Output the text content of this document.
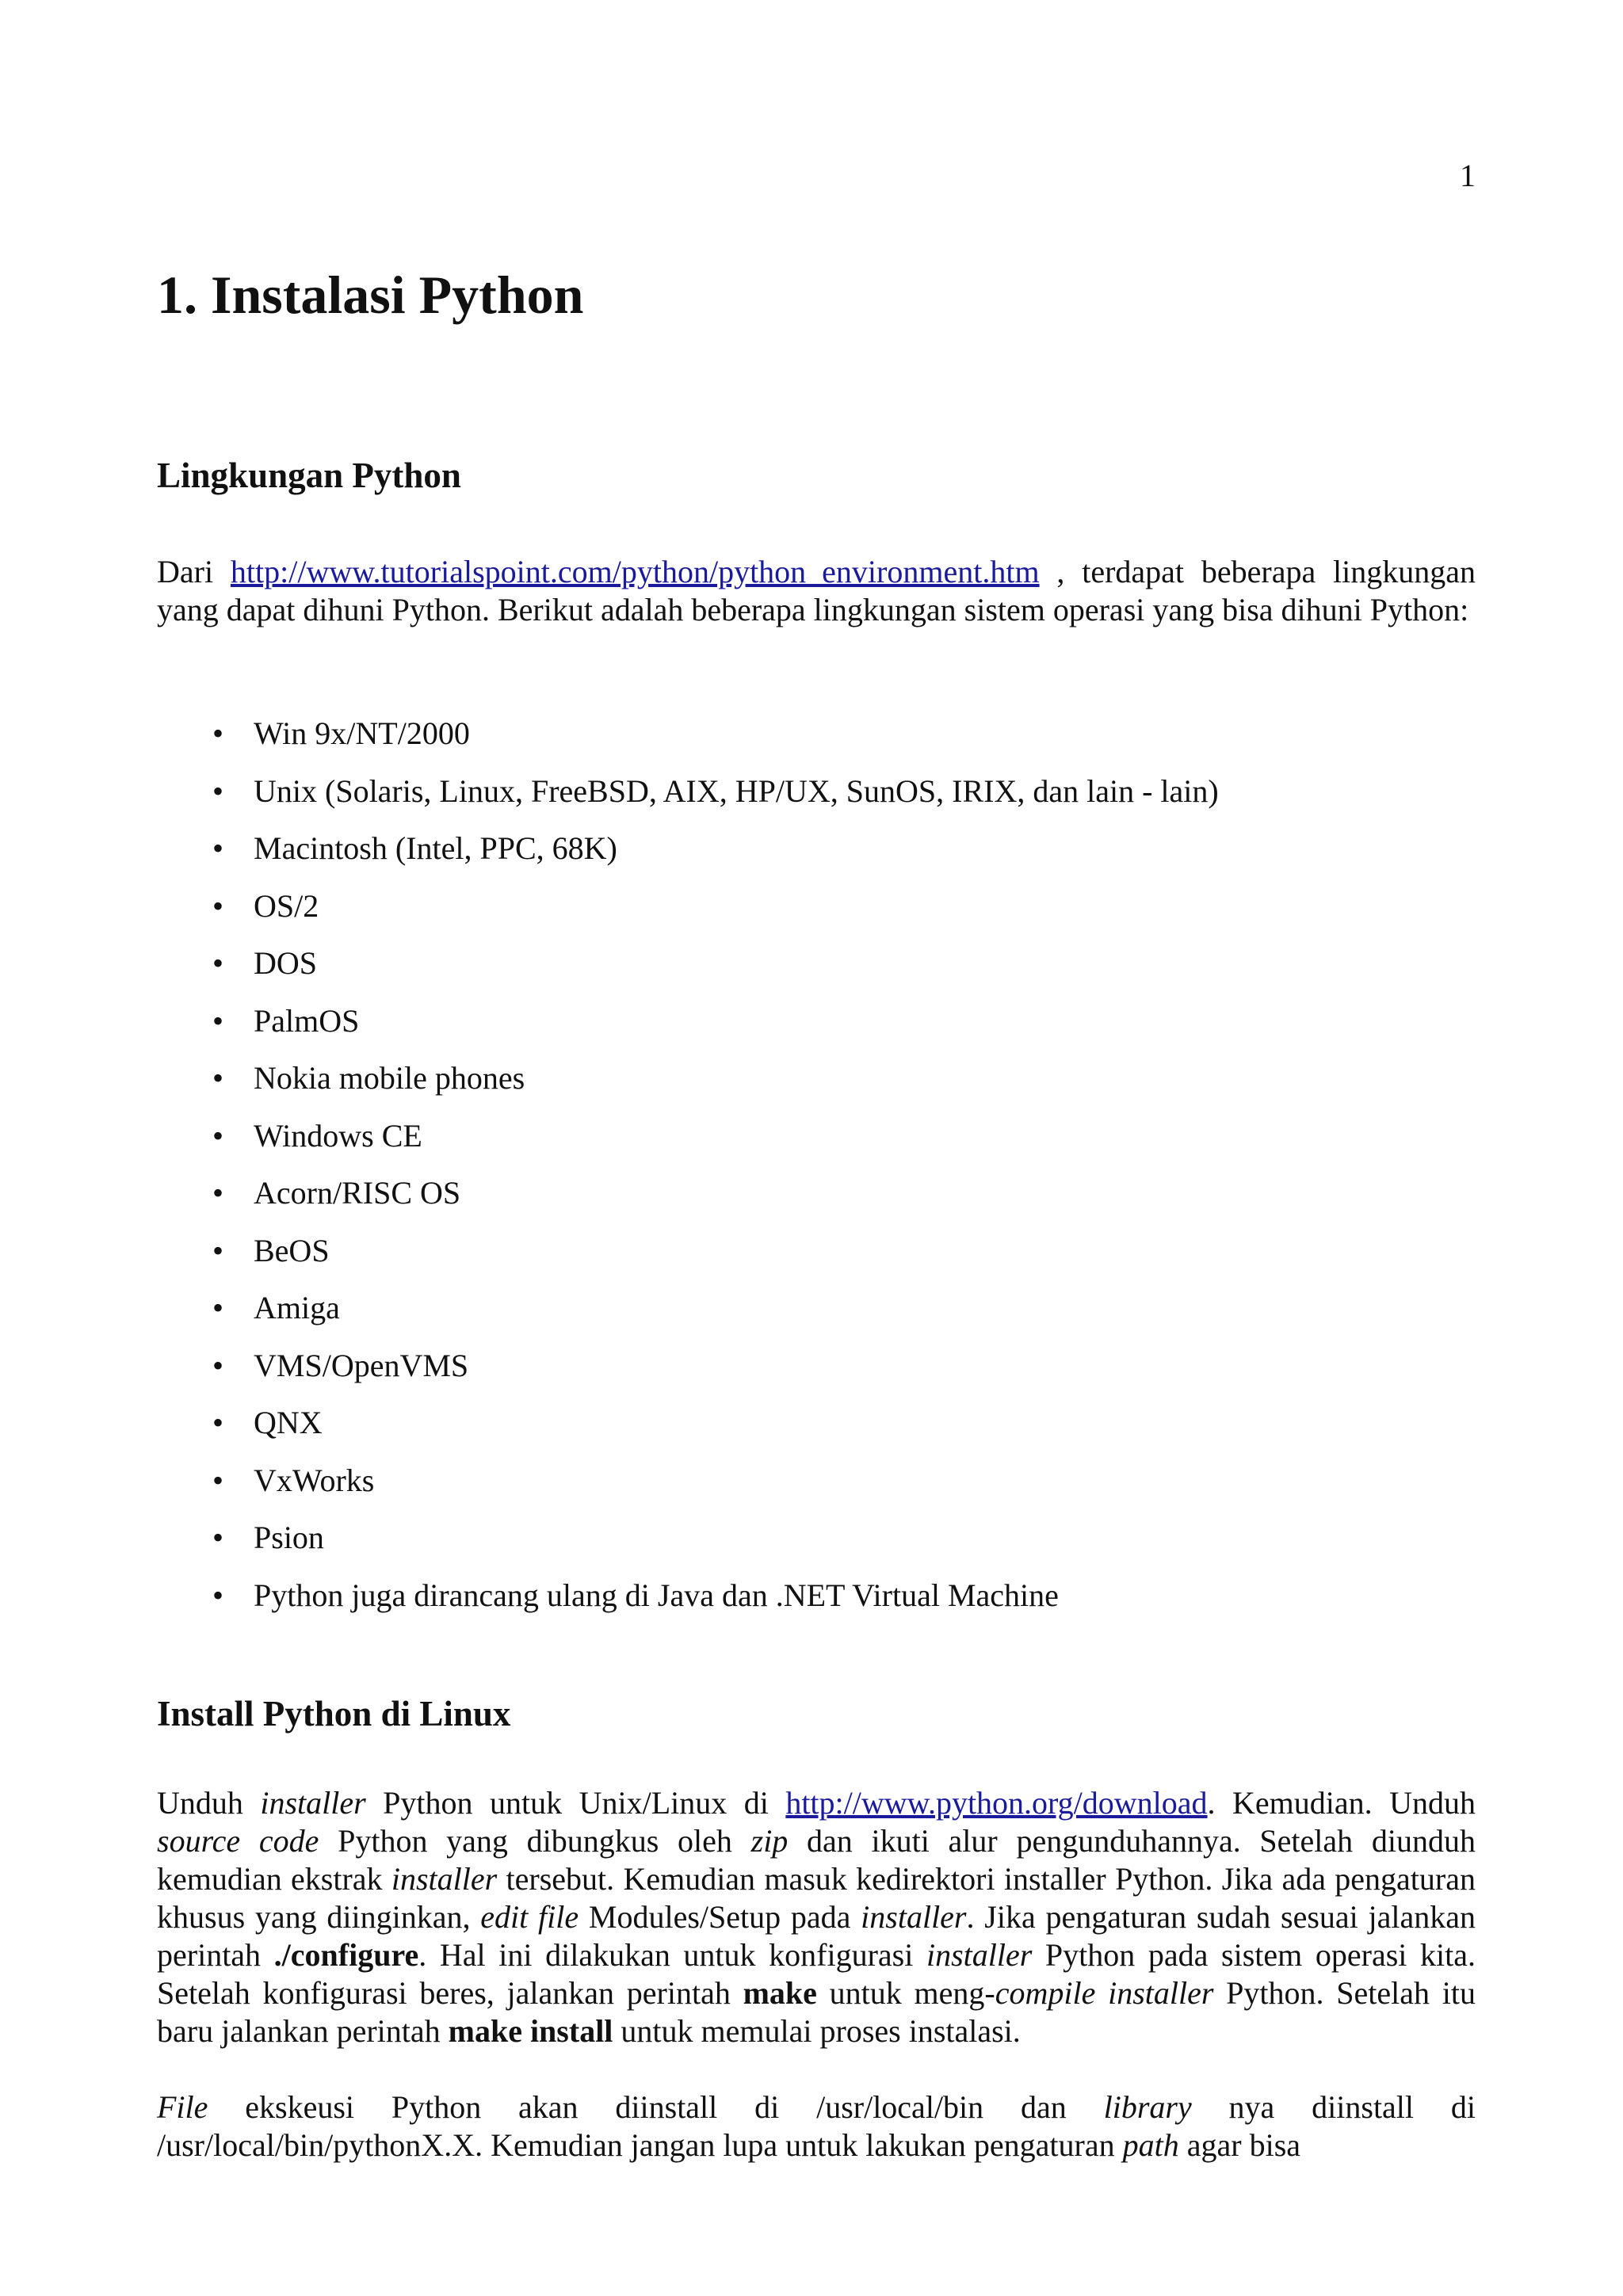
1

1. Instalasi Python
Lingkungan Python

Dari http://www.tutorialspoint.com/python/python_environment.htm , terdapat beberapa lingkungan yang dapat dihuni Python. Berikut adalah beberapa lingkungan sistem operasi yang bisa dihuni Python:

• Win 9x/NT/2000
• Unix (Solaris, Linux, FreeBSD, AIX, HP/UX, SunOS, IRIX, dan lain - lain)
• Macintosh (Intel, PPC, 68K)
• OS/2
• DOS
• PalmOS
• Nokia mobile phones
• Windows CE
• Acorn/RISC OS
• BeOS
• Amiga
• VMS/OpenVMS
• QNX
• VxWorks
• Psion
• Python juga dirancang ulang di Java dan .NET Virtual Machine
Install Python di Linux

Unduh installer Python untuk Unix/Linux di http://www.python.org/download. Kemudian. Unduh source code Python yang dibungkus oleh zip dan ikuti alur pengunduhannya. Setelah diunduh kemudian ekstrak installer tersebut. Kemudian masuk kedirektori installer Python. Jika ada pengaturan khusus yang diinginkan, edit file Modules/Setup pada installer. Jika pengaturan sudah sesuai jalankan perintah ./configure. Hal ini dilakukan untuk konfigurasi installer Python pada sistem operasi kita. Setelah konfigurasi beres, jalankan perintah make untuk meng-compile installer Python. Setelah itu baru jalankan perintah make install untuk memulai proses instalasi.

File ekskeusi Python akan diinstall di /usr/local/bin dan library nya diinstall di /usr/local/bin/pythonX.X. Kemudian jangan lupa untuk lakukan pengaturan path agar bisa
